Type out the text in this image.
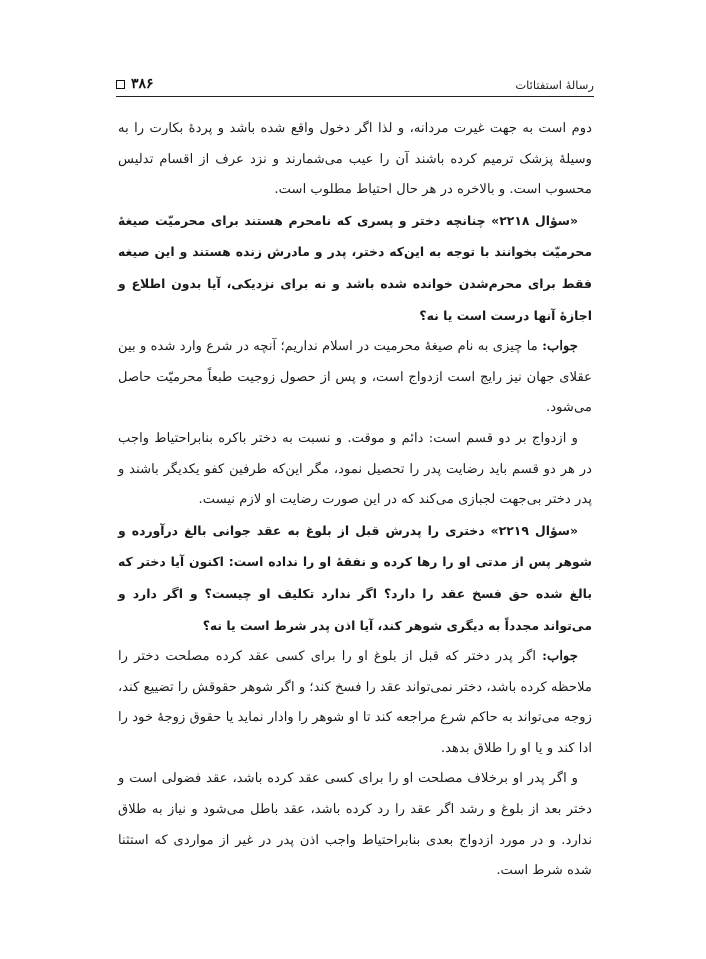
۳۸۶	رسالهٔ استفتائات

دوم است به جهت غیرت مردانه، و لذا اگر دخول واقع شده باشد و پردهٔ بکارت را به وسیلهٔ پزشک ترمیم کرده باشند آن را عیب می‌شمارند و نزد عرف از اقسام تدلیس محسوب است. و بالاخره در هر حال احتیاط مطلوب است.

«سؤال ۲۲۱۸» چنانچه دختر و پسری که نامحرم هستند برای محرمیّت صیغهٔ محرمیّت بخوانند با توجه به این‌که دختر، پدر و مادرش زنده هستند و این صیغه فقط برای محرم‌شدن خوانده شده باشد و نه برای نزدیکی، آیا بدون اطلاع و اجازهٔ آنها درست است یا نه؟

جواب: ما چیزی به نام صیغهٔ محرمیت در اسلام نداریم؛ آنچه در شرع وارد شده و بین عقلای جهان نیز رایج است ازدواج است، و پس از حصول زوجیت طبعاً محرمیّت حاصل می‌شود.

و ازدواج بر دو قسم است: دائم و موقت. و نسبت به دختر باکره بنابراحتیاط واجب در هر دو قسم باید رضایت پدر را تحصیل نمود، مگر این‌که طرفین کفو یکدیگر باشند و پدر دختر بی‌جهت لجبازی می‌کند که در این صورت رضایت او لازم نیست.

«سؤال ۲۲۱۹» دختری را پدرش قبل از بلوغ به عقد جوانی بالغ درآورده و شوهر پس از مدتی او را رها کرده و نفقهٔ او را نداده است: اکنون آیا دختر که بالغ شده حق فسخ عقد را دارد؟ اگر ندارد تکلیف او چیست؟ و اگر دارد و می‌تواند مجدداً به دیگری شوهر کند، آیا اذن پدر شرط است یا نه؟

جواب: اگر پدر دختر که قبل از بلوغ او را برای کسی عقد کرده مصلحت دختر را ملاحظه کرده باشد، دختر نمی‌تواند عقد را فسخ کند؛ و اگر شوهر حقوقش را تضییع کند، زوجه می‌تواند به حاکم شرع مراجعه کند تا او شوهر را وادار نماید یا حقوق زوجهٔ خود را ادا کند و یا او را طلاق بدهد.

و اگر پدر او برخلاف مصلحت او را برای کسی عقد کرده باشد، عقد فضولی است و دختر بعد از بلوغ و رشد اگر عقد را رد کرده باشد، عقد باطل می‌شود و نیاز به طلاق ندارد. و در مورد ازدواج بعدی بنابراحتیاط واجب اذن پدر در غیر از مواردی که استثنا شده شرط است.
